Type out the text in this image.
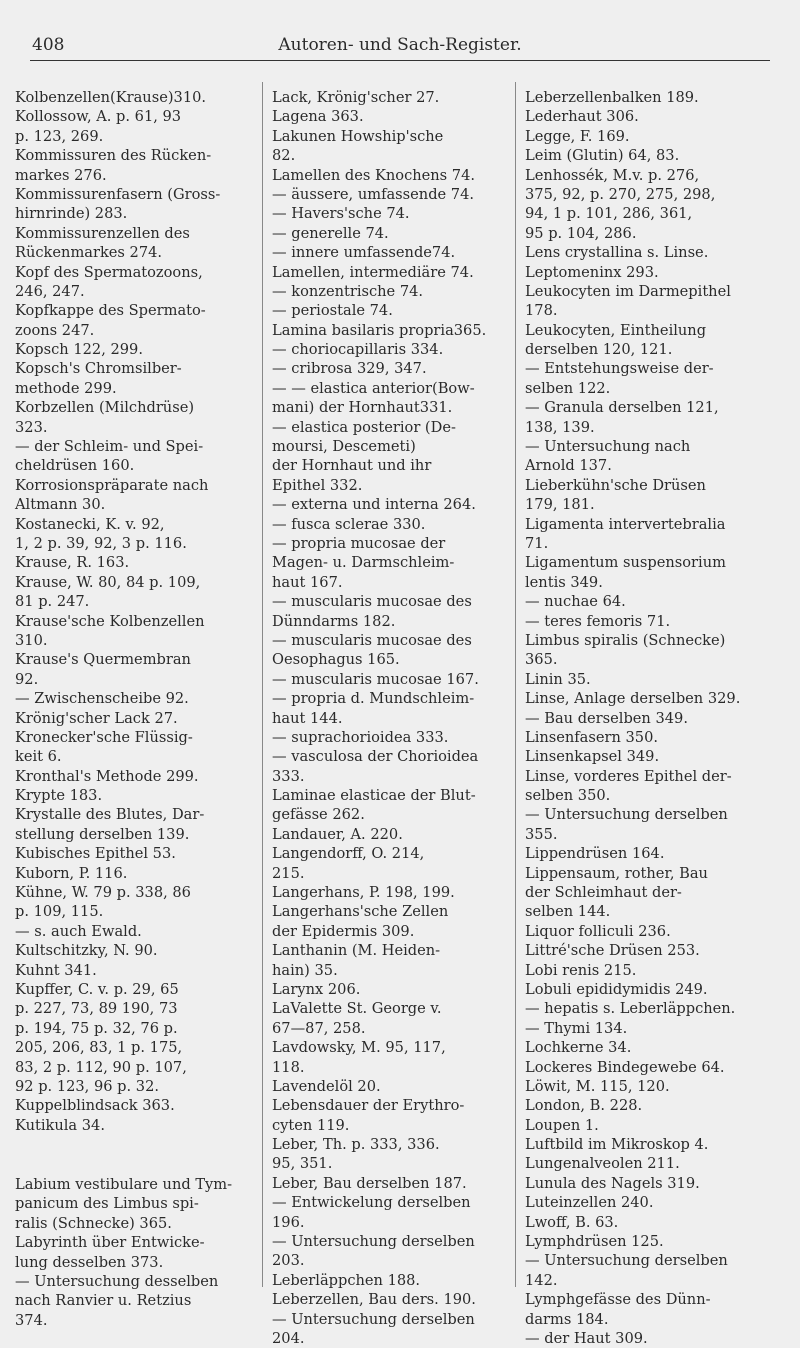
408	Autoren- und Sach-Register.
Kolbenzellen(Krause)310.
Kollossow, A. p. 61, 93
p. 123, 269.
Kommissuren des Rücken-
markes 276.
Kommissurenfasern (Gross-
hirnrinde) 283.
Kommissurenzellen des
Rückenmarkes 274.
Kopf des Spermatozoons,
246, 247.
Kopfkappe des Spermato-
zoons 247.
Kopsch 122, 299.
Kopsch's Chromsilber-
methode 299.
Korbzellen (Milchdrüse)
323.
— der Schleim- und Spei-
cheldrüsen 160.
Korrosionspräparate nach
Altmann 30.
Kostanecki, K. v. 92,
1, 2 p. 39, 92, 3 p. 116.
Krause, R. 163.
Krause, W. 80, 84 p. 109,
81 p. 247.
Krause'sche Kolbenzellen
310.
Krause's Quermembran
92.
— Zwischenscheibe 92.
Krönig'scher Lack 27.
Kronecker'sche Flüssig-
keit 6.
Kronthal's Methode 299.
Krypte 183.
Krystalle des Blutes, Dar-
stellung derselben 139.
Kubisches Epithel 53.
Kuborn, P. 116.
Kühne, W. 79 p. 338, 86
p. 109, 115.
— s. auch Ewald.
Kultschitzky, N. 90.
Kuhnt 341.
Kupffer, C. v. p. 29, 65
p. 227, 73, 89 190, 73
p. 194, 75 p. 32, 76 p.
205, 206, 83, 1 p. 175,
83, 2 p. 112, 90 p. 107,
92 p. 123, 96 p. 32.
Kuppelblindsack 363.
Kutikula 34.
Labium vestibulare und Tym-
panicum des Limbus spi-
ralis (Schnecke) 365.
Labyrinth über Entwicke-
lung desselben 373.
— Untersuchung desselben
nach Ranvier u. Retzius
374.
Lack, Krönig'scher 27.
Lagena 363.
Lakunen Howship'sche
82.
Lamellen des Knochens 74.
— äussere, umfassende 74.
— Havers'sche 74.
— generelle 74.
— innere umfassende74.
Lamellen, intermediäre 74.
— konzentrische 74.
— periostale 74.
Lamina basilaris propria365.
— choriocapillaris 334.
— cribrosa 329, 347.
— — elastica anterior(Bow-
mani) der Hornhaut331.
— elastica posterior (De-
moursi, Descemeti)
der Hornhaut und ihr
Epithel 332.
— externa und interna 264.
— fusca sclerae 330.
— propria mucosae der
Magen- u. Darmschleim-
haut 167.
— muscularis mucosae des
Dünndarms 182.
— muscularis mucosae des
Oesophagus 165.
— muscularis mucosae 167.
— propria d. Mundschleim-
haut 144.
— suprachorioidea 333.
— vasculosa der Chorioidea
333.
Laminae elasticae der Blut-
gefässe 262.
Landauer, A. 220.
Langendorff, O. 214,
215.
Langerhans, P. 198, 199.
Langerhans'sche Zellen
der Epidermis 309.
Lanthanin (M. Heiden-
hain) 35.
Larynx 206.
LaValette St. George v.
67—87, 258.
Lavdowsky, M. 95, 117,
118.
Lavendelöl 20.
Lebensdauer der Erythro-
cyten 119.
Leber, Th. p. 333, 336.
95, 351.
Leber, Bau derselben 187.
— Entwickelung derselben
196.
— Untersuchung derselben
203.
Leberläppchen 188.
Leberzellen, Bau ders. 190.
— Untersuchung derselben
204.
Leberzellenbalken 189.
Lederhaut 306.
Legge, F. 169.
Leim (Glutin) 64, 83.
Lenhossék, M.v. p. 276,
375, 92, p. 270, 275, 298,
94, 1 p. 101, 286, 361,
95 p. 104, 286.
Lens crystallina s. Linse.
Leptomeninx 293.
Leukocyten im Darmepithel
178.
Leukocyten, Eintheilung
derselben 120, 121.
— Entstehungsweise der-
selben 122.
— Granula derselben 121,
138, 139.
— Untersuchung nach
Arnold 137.
Lieberkühn'sche Drüsen
179, 181.
Ligamenta intervertebralia
71.
Ligamentum suspensorium
lentis 349.
— nuchae 64.
— teres femoris 71.
Limbus spiralis (Schnecke)
365.
Linin 35.
Linse, Anlage derselben 329.
— Bau derselben 349.
Linsenfasern 350.
Linsenkapsel 349.
Linse, vorderes Epithel der-
selben 350.
— Untersuchung derselben
355.
Lippendrüsen 164.
Lippensaum, rother, Bau
der Schleimhaut der-
selben 144.
Liquor folliculi 236.
Littré'sche Drüsen 253.
Lobi renis 215.
Lobuli epididymidis 249.
— hepatis s. Leberläppchen.
— Thymi 134.
Lochkerne 34.
Lockeres Bindegewebe 64.
Löwit, M. 115, 120.
London, B. 228.
Loupen 1.
Luftbild im Mikroskop 4.
Lungenalveolen 211.
Lunula des Nagels 319.
Luteinzellen 240.
Lwoff, B. 63.
Lymphdrüsen 125.
— Untersuchung derselben
142.
Lymphgefässe des Dünn-
darms 184.
— der Haut 309.
